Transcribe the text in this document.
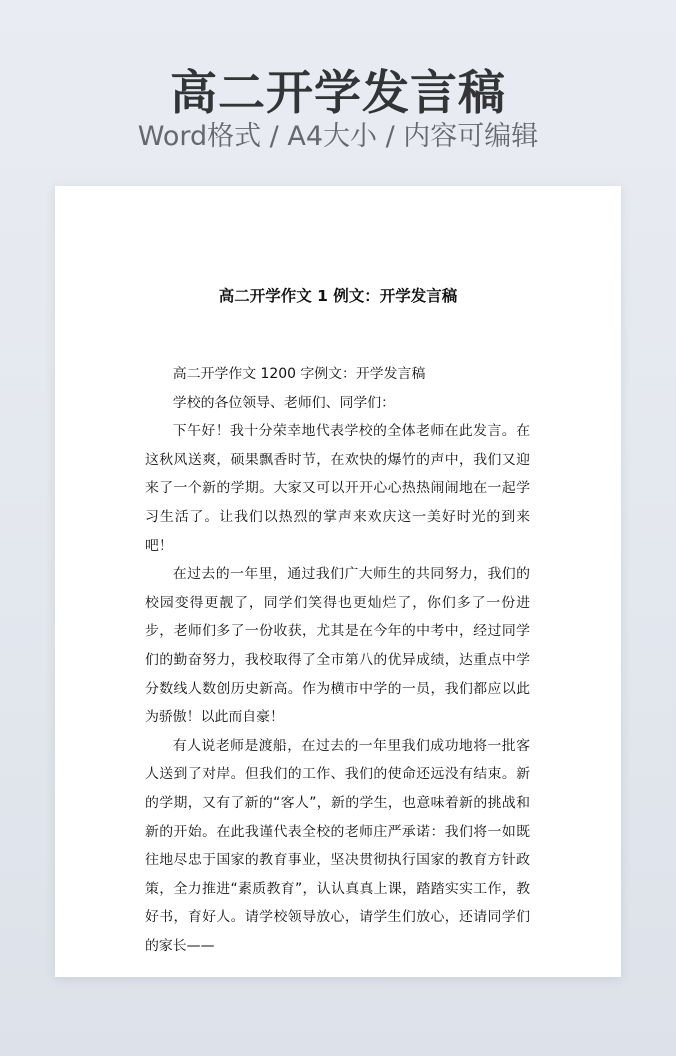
高二开学发言稿
Word格式 / A4大小 / 内容可编辑
高二开学作文 1 例文：开学发言稿

高二开学作文 1200 字例文：开学发言稿

学校的各位领导、老师们、同学们：

下午好！我十分荣幸地代表学校的全体老师在此发言。在这秋风送爽，硕果飘香时节，在欢快的爆竹的声中，我们又迎来了一个新的学期。大家又可以开开心心热热闹闹地在一起学习生活了。让我们以热烈的掌声来欢庆这一美好时光的到来吧！

在过去的一年里，通过我们广大师生的共同努力，我们的校园变得更靓了，同学们笑得也更灿烂了，你们多了一份进步，老师们多了一份收获，尤其是在今年的中考中，经过同学们的勤奋努力，我校取得了全市第八的优异成绩，达重点中学分数线人数创历史新高。作为横市中学的一员，我们都应以此为骄傲！以此而自豪！

有人说老师是渡船，在过去的一年里我们成功地将一批客人送到了对岸。但我们的工作、我们的使命还远没有结束。新的学期，又有了新的“客人”，新的学生，也意味着新的挑战和新的开始。在此我谨代表全校的老师庄严承诺：我们将一如既往地尽忠于国家的教育事业，坚决贯彻执行国家的教育方针政策，全力推进“素质教育”，认认真真上课，踏踏实实工作，教好书，育好人。请学校领导放心，请学生们放心，还请同学们的家长——
